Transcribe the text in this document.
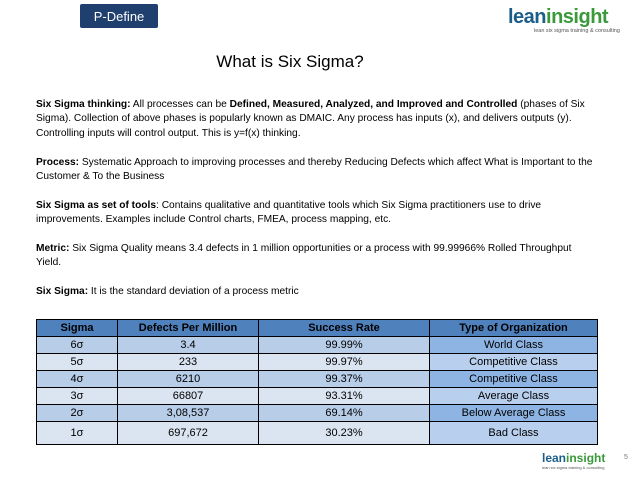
P-Define	leaninsight
lean six sigma training & consulting
What is Six Sigma?

Six Sigma thinking: All processes can be Defined, Measured, Analyzed, and Improved and Controlled (phases of Six Sigma). Collection of above phases is popularly known as DMAIC. Any process has inputs (x), and delivers outputs (y). Controlling inputs will control output. This is y=f(x) thinking.

Process: Systematic Approach to improving processes and thereby Reducing Defects which affect What is Important to the Customer & To the Business

Six Sigma as set of tools: Contains qualitative and quantitative tools which Six Sigma practitioners use to drive improvements. Examples include Control charts, FMEA, process mapping, etc.

Metric: Six Sigma Quality means 3.4 defects in 1 million opportunities or a process with 99.99966% Rolled Throughput Yield.

Six Sigma: It is the standard deviation of a process metric

Sigma	Defects Per Million	Success Rate	Type of Organization
6σ	3.4	99.99%	World Class
5σ	233	99.97%	Competitive Class
4σ	6210	99.37%	Competitive Class
3σ	66807	93.31%	Average Class
2σ	3,08,537	69.14%	Below Average Class
1σ	697,672	30.23%	Bad Class
leaninsight
lean six sigma training & consulting
5
